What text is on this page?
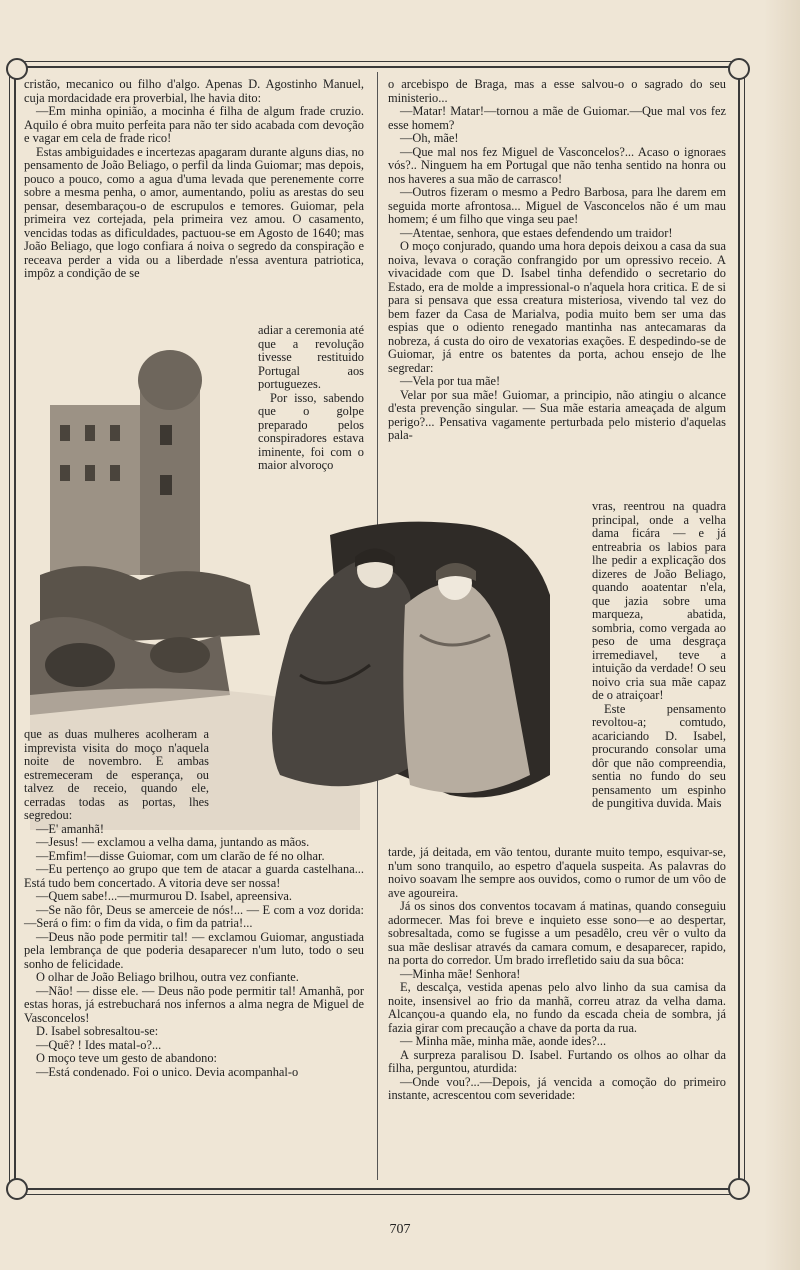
cristão, mecanico ou filho d'algo. Apenas D. Agostinho Manuel, cuja mordacidade era proverbial, lhe havia dito:

—Em minha opinião, a mocinha é filha de algum frade cruzio. Aquilo é obra muito perfeita para não ter sido acabada com devoção e vagar em cela de frade rico!

Estas ambiguidades e incertezas apagaram durante alguns dias, no pensamento de João Beliago, o perfil da linda Guiomar; mas depois, pouco a pouco, como a agua d'uma levada que perenemente corre sobre a mesma penha, o amor, aumentando, poliu as arestas do seu pensar, desembaraçou-o de escrupulos e temores. Guiomar, pela primeira vez cortejada, pela primeira vez amou. O casamento, vencidas todas as dificuldades, pactuou-se em Agosto de 1640; mas João Beliago, que logo confiara á noiva o segredo da conspiração e receava perder a vida ou a liberdade n'essa aventura patriotica, impôz a condição de se

adiar a ceremonia até que a revolução tivesse restituido Portugal aos portuguezes.

Por isso, sabendo que o golpe preparado pelos conspiradores estava iminente, foi com o maior alvoroço

que as duas mulheres acolheram a imprevista visita do moço n'aquela noite de novembro. E ambas estremeceram de esperança, ou talvez de receio, quando ele, cerradas todas as portas, lhes segredou:

—E' amanhã!

—Jesus! — exclamou a velha dama, juntando as mãos.

—Emfim!—disse Guiomar, com um clarão de fé no olhar.

—Eu pertenço ao grupo que tem de atacar a guarda castelhana... Está tudo bem concertado. A vitoria deve ser nossa!

—Quem sabe!...—murmurou D. Isabel, apreensiva.

—Se não fôr, Deus se amerceie de nós!... — E com a voz dorida:—Será o fim: o fim da vida, o fim da patria!...

—Deus não pode permitir tal! — exclamou Guiomar, angustiada pela lembrança de que poderia desaparecer n'um luto, todo o seu sonho de felicidade.

O olhar de João Beliago brilhou, outra vez confiante.

—Não! — disse ele. — Deus não pode permitir tal! Amanhã, por estas horas, já estrebuchará nos infernos a alma negra de Miguel de Vasconcelos!

D. Isabel sobresaltou-se:

—Quê? ! Ides matal-o?...

O moço teve um gesto de abandono:

—Está condenado. Foi o unico. Devia acompanhal-o

o arcebispo de Braga, mas a esse salvou-o o sagrado do seu ministerio...

—Matar! Matar!—tornou a mãe de Guiomar.—Que mal vos fez esse homem?

—Oh, mãe!

—Que mal nos fez Miguel de Vasconcelos?... Acaso o ignoraes vós?.. Ninguem ha em Portugal que não tenha sentido na honra ou nos haveres a sua mão de carrasco!

—Outros fizeram o mesmo a Pedro Barbosa, para lhe darem em seguida morte afrontosa... Miguel de Vasconcelos não é um mau homem; é um filho que vinga seu pae!

—Atentae, senhora, que estaes defendendo um traidor!

O moço conjurado, quando uma hora depois deixou a casa da sua noiva, levava o coração confrangido por um opressivo receio. A vivacidade com que D. Isabel tinha defendido o secretario do Estado, era de molde a impressional-o n'aquela hora critica. E de si para si pensava que essa creatura misteriosa, vivendo tal vez do bem fazer da Casa de Marialva, podia muito bem ser uma das espias que o odiento renegado mantinha nas antecamaras da nobreza, á custa do oiro de vexatorias exações. E despedindo-se de Guiomar, já entre os batentes da porta, achou ensejo de lhe segredar:

—Vela por tua mãe!

Velar por sua mãe! Guiomar, a principio, não atingiu o alcance d'esta prevenção singular. — Sua mãe estaria ameaçada de algum perigo?... Pensativa vagamente perturbada pelo misterio d'aquelas pala-

vras, reentrou na quadra principal, onde a velha dama ficára — e já entreabria os labios para lhe pedir a explicação dos dizeres de João Beliago, quando aoatentar n'ela, que jazia sobre uma marqueza, abatida, sombria, como vergada ao peso de uma desgraça irremediavel, teve a intuição da verdade! O seu noivo cria sua mãe capaz de o atraiçoar!

Este pensamento revoltou-a; comtudo, acariciando D. Isabel, procurando consolar uma dôr que não compreendia, sentia no fundo do seu pensamento um espinho de pungitiva duvida. Mais

tarde, já deitada, em vão tentou, durante muito tempo, esquivar-se, n'um sono tranquilo, ao espetro d'aquela suspeita. As palavras do noivo soavam lhe sempre aos ouvidos, como o rumor de um vôo de ave agoureira.

Já os sinos dos conventos tocavam á matinas, quando conseguiu adormecer. Mas foi breve e inquieto esse sono—e ao despertar, sobresaltada, como se fugisse a um pesadêlo, creu vêr o vulto da sua mãe deslisar através da camara comum, e desaparecer, rapido, na porta do corredor. Um brado irrefletido saiu da sua bôca:

—Minha mãe! Senhora!

E, descalça, vestida apenas pelo alvo linho da sua camisa da noite, insensivel ao frio da manhã, correu atraz da velha dama. Alcançou-a quando ela, no fundo da escada cheia de sombra, já fazia girar com precaução a chave da porta da rua.

— Minha mãe, minha mãe, aonde ides?...

A surpreza paralisou D. Isabel. Furtando os olhos ao olhar da filha, perguntou, aturdida:

—Onde vou?...—Depois, já vencida a comoção do primeiro instante, acrescentou com severidade:

707
